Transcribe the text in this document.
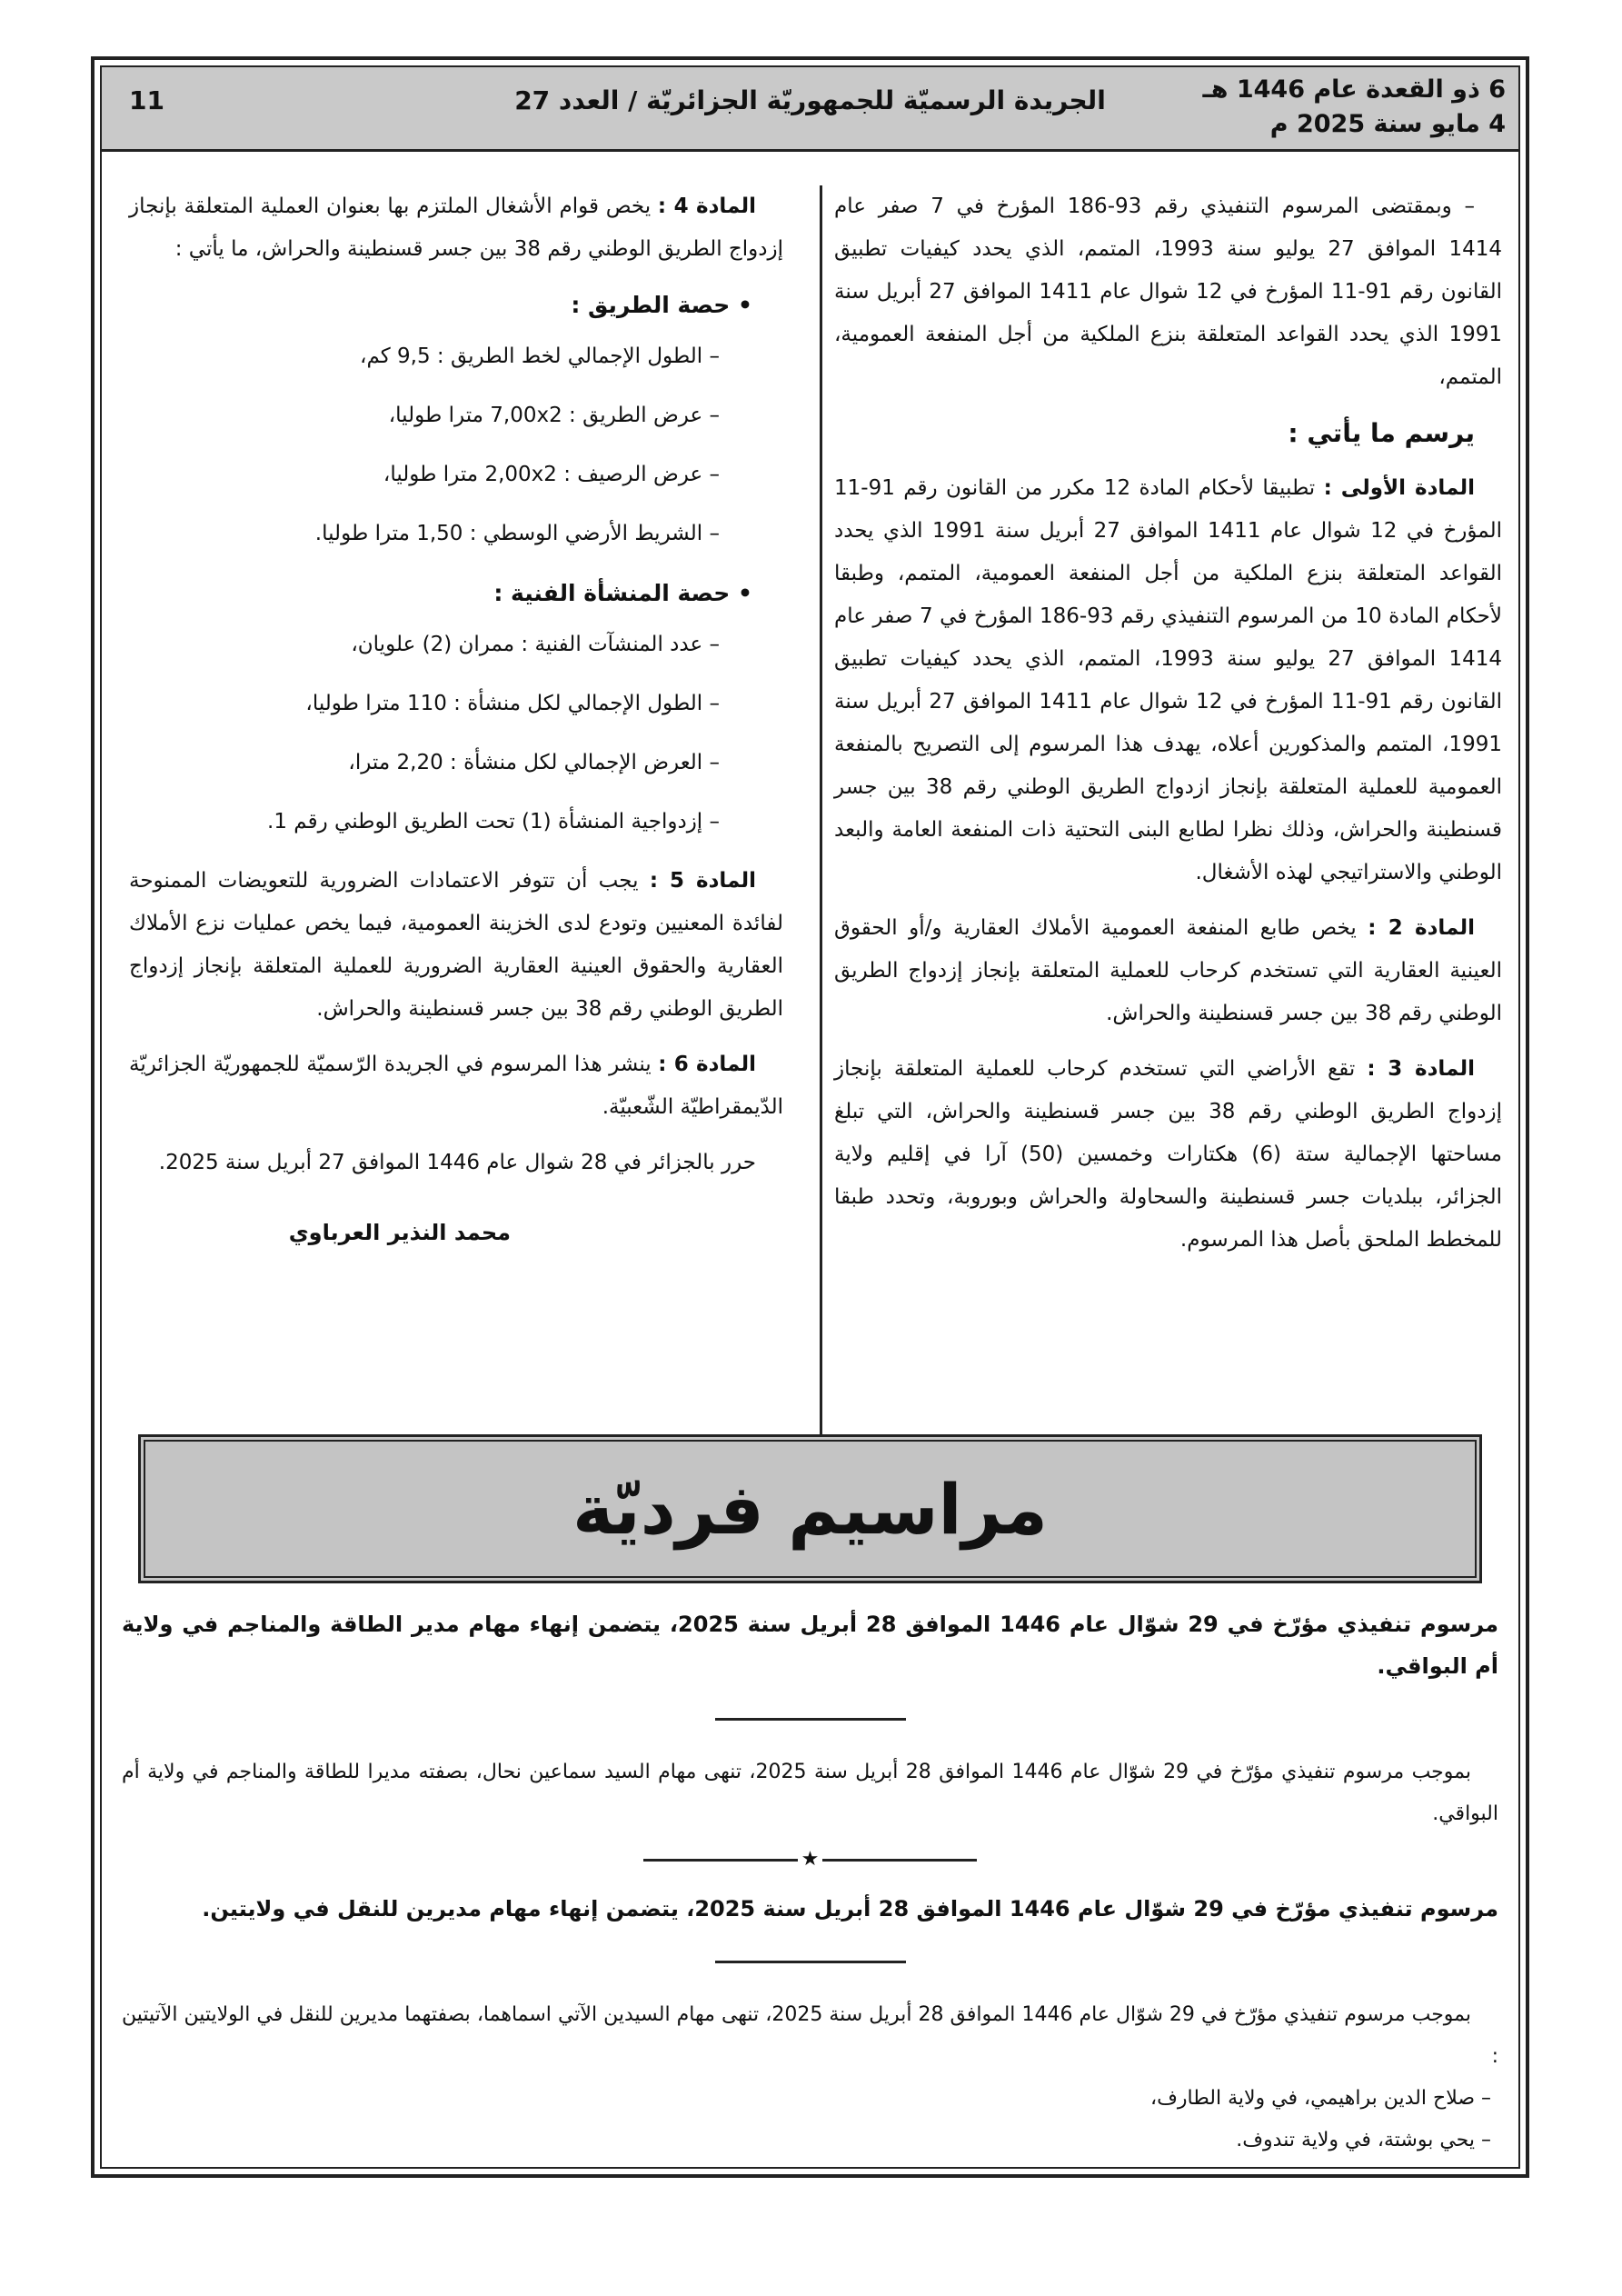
6 ذو القعدة عام 1446 هـ
4 مايو سنة 2025 م
الجريدة الرسميّة للجمهوريّة الجزائريّة / العدد 27
11

– وبمقتضى المرسوم التنفيذي رقم 93-186 المؤرخ في 7 صفر عام 1414 الموافق 27 يوليو سنة 1993، المتمم، الذي يحدد كيفيات تطبيق القانون رقم 91-11 المؤرخ في 12 شوال عام 1411 الموافق 27 أبريل سنة 1991 الذي يحدد القواعد المتعلقة بنزع الملكية من أجل المنفعة العمومية، المتمم،

يرسم ما يأتي :

المادة الأولى : تطبيقا لأحكام المادة 12 مكرر من القانون رقم 91-11 المؤرخ في 12 شوال عام 1411 الموافق 27 أبريل سنة 1991 الذي يحدد القواعد المتعلقة بنزع الملكية من أجل المنفعة العمومية، المتمم، وطبقا لأحكام المادة 10 من المرسوم التنفيذي رقم 93-186 المؤرخ في 7 صفر عام 1414 الموافق 27 يوليو سنة 1993، المتمم، الذي يحدد كيفيات تطبيق القانون رقم 91-11 المؤرخ في 12 شوال عام 1411 الموافق 27 أبريل سنة 1991، المتمم والمذكورين أعلاه، يهدف هذا المرسوم إلى التصريح بالمنفعة العمومية للعملية المتعلقة بإنجاز ازدواج الطريق الوطني رقم 38 بين جسر قسنطينة والحراش، وذلك نظرا لطابع البنى التحتية ذات المنفعة العامة والبعد الوطني والاستراتيجي لهذه الأشغال.

المادة 2 : يخص طابع المنفعة العمومية الأملاك العقارية و/أو الحقوق العينية العقارية التي تستخدم كرحاب للعملية المتعلقة بإنجاز إزدواج الطريق الوطني رقم 38 بين جسر قسنطينة والحراش.

المادة 3 : تقع الأراضي التي تستخدم كرحاب للعملية المتعلقة بإنجاز إزدواج الطريق الوطني رقم 38 بين جسر قسنطينة والحراش، التي تبلغ مساحتها الإجمالية ستة (6) هكتارات وخمسين (50) آرا في إقليم ولاية الجزائر، ببلديات جسر قسنطينة والسحاولة والحراش وبوروبة، وتحدد طبقا للمخطط الملحق بأصل هذا المرسوم.

المادة 4 : يخص قوام الأشغال الملتزم بها بعنوان العملية المتعلقة بإنجاز إزدواج الطريق الوطني رقم 38 بين جسر قسنطينة والحراش، ما يأتي :

• حصة الطريق :

– الطول الإجمالي لخط الطريق : 9,5 كم،

– عرض الطريق : 7,00x2 مترا طوليا،

– عرض الرصيف : 2,00x2 مترا طوليا،

– الشريط الأرضي الوسطي : 1,50 مترا طوليا.

• حصة المنشأة الفنية :

– عدد المنشآت الفنية : ممران (2) علويان،

– الطول الإجمالي لكل منشأة : 110 مترا طوليا،

– العرض الإجمالي لكل منشأة : 2,20 مترا،

– إزدواجية المنشأة (1) تحت الطريق الوطني رقم 1.

المادة 5 : يجب أن تتوفر الاعتمادات الضرورية للتعويضات الممنوحة لفائدة المعنيين وتودع لدى الخزينة العمومية، فيما يخص عمليات نزع الأملاك العقارية والحقوق العينية العقارية الضرورية للعملية المتعلقة بإنجاز إزدواج الطريق الوطني رقم 38 بين جسر قسنطينة والحراش.

المادة 6 : ينشر هذا المرسوم في الجريدة الرّسميّة للجمهوريّة الجزائريّة الدّيمقراطيّة الشّعبيّة.

حرر بالجزائر في 28 شوال عام 1446 الموافق 27 أبريل سنة 2025.

محمد النذير العرباوي

مراسيم فرديّة

مرسوم تنفيذي مؤرّخ في 29 شوّال عام 1446 الموافق 28 أبريل سنة 2025، يتضمن إنهاء مهام مدير الطاقة والمناجم في ولاية أم البواقي.

بموجب مرسوم تنفيذي مؤرّخ في 29 شوّال عام 1446 الموافق 28 أبريل سنة 2025، تنهى مهام السيد سماعين نحال، بصفته مديرا للطاقة والمناجم في ولاية أم البواقي.

★

مرسوم تنفيذي مؤرّخ في 29 شوّال عام 1446 الموافق 28 أبريل سنة 2025، يتضمن إنهاء مهام مديرين للنقل في ولايتين.

بموجب مرسوم تنفيذي مؤرّخ في 29 شوّال عام 1446 الموافق 28 أبريل سنة 2025، تنهى مهام السيدين الآتي اسماهما، بصفتهما مديرين للنقل في الولايتين الآتيتين :

– صلاح الدين براهيمي، في ولاية الطارف،

– يحي بوشتة، في ولاية تندوف.
